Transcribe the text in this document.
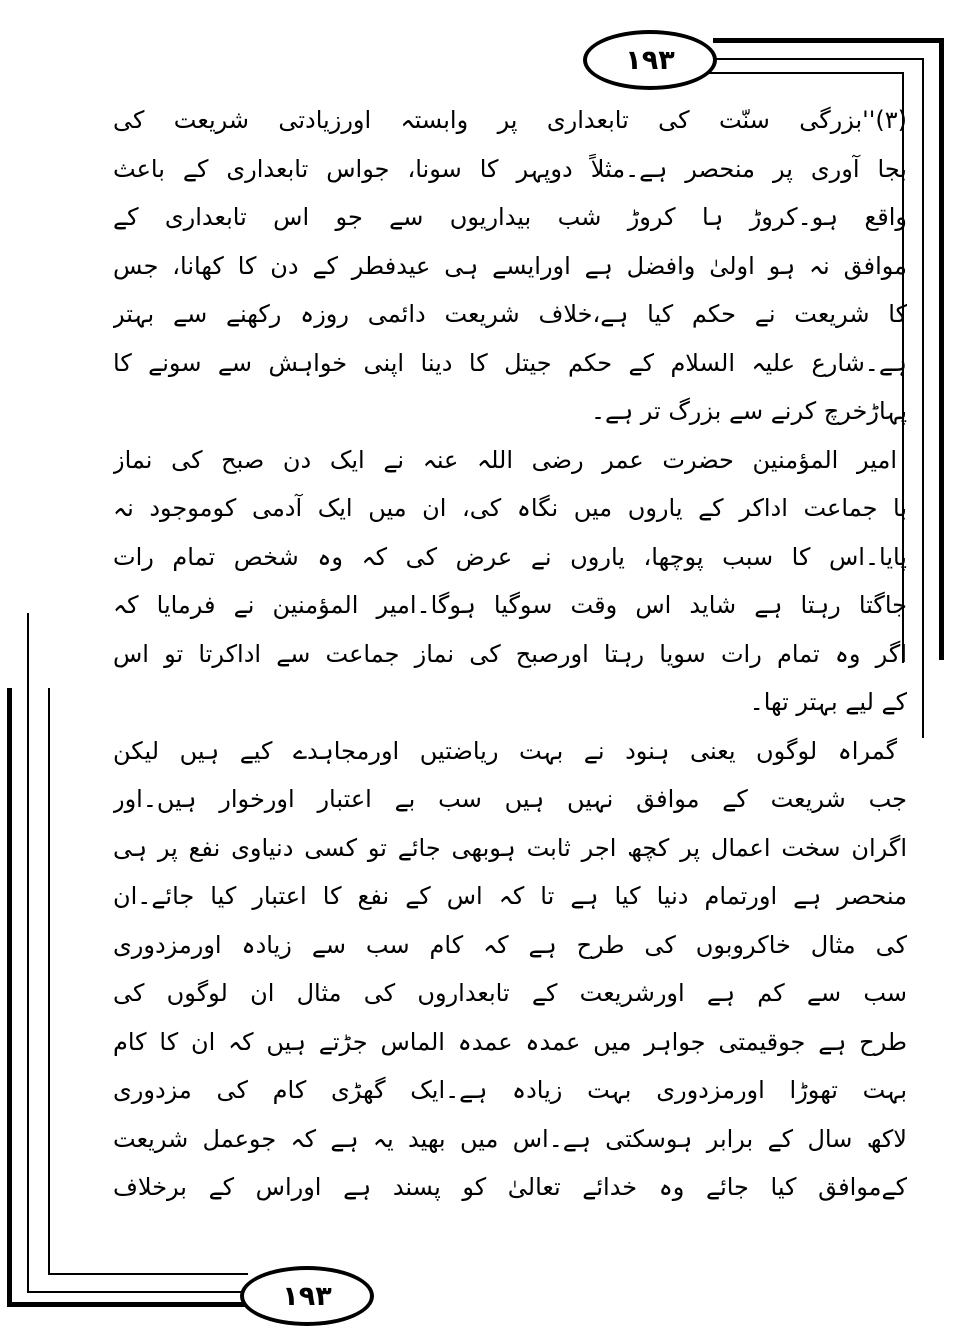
۱۹۳
۱۹۳
(۳)''بزرگی سنّت کی تابعداری پر وابستہ اورزیادتی شریعت کی
بجا آوری پر منحصر ہے۔مثلاً دوپہر کا سونا، جواس تابعداری کے باعث
واقع ہو۔کروڑ ہا کروڑ شب بیداریوں سے جو اس تابعداری کے
موافق نہ ہو اولیٰ وافضل ہے اورایسے ہی عیدفطر کے دن کا کھانا، جس
کا شریعت نے حکم کیا ہے،خلاف شریعت دائمی روزہ رکھنے سے بہتر
ہے۔شارع علیہ السلام کے حکم جیتل کا دینا اپنی خواہش سے سونے کا
پہاڑخرچ کرنے سے بزرگ تر ہے۔
امیر المؤمنین حضرت عمر رضی اللہ عنہ نے ایک دن صبح کی نماز
با جماعت اداکر کے یاروں میں نگاہ کی، ان میں ایک آدمی کوموجود نہ
پایا۔اس کا سبب پوچھا، یاروں نے عرض کی کہ وہ شخص تمام رات
جاگتا رہتا ہے شاید اس وقت سوگیا ہوگا۔امیر المؤمنین نے فرمایا کہ
اگر وہ تمام رات سویا رہتا اورصبح کی نماز جماعت سے اداکرتا تو اس
کے لیے بہتر تھا۔
گمراہ لوگوں یعنی ہنود نے بہت ریاضتیں اورمجاہدے کیے ہیں لیکن
جب شریعت کے موافق نہیں ہیں سب بے اعتبار اورخوار ہیں۔اور
اگران سخت اعمال پر کچھ اجر ثابت ہوبھی جائے تو کسی دنیاوی نفع پر ہی
منحصر ہے اورتمام دنیا کیا ہے تا کہ اس کے نفع کا اعتبار کیا جائے۔ان
کی مثال خاکروبوں کی طرح ہے کہ کام سب سے زیادہ اورمزدوری
سب سے کم ہے اورشریعت کے تابعداروں کی مثال ان لوگوں کی
طرح ہے جوقیمتی جواہر میں عمدہ عمدہ الماس جڑتے ہیں کہ ان کا کام
بہت تھوڑا اورمزدوری بہت زیادہ ہے۔ایک گھڑی کام کی مزدوری
لاکھ سال کے برابر ہوسکتی ہے۔اس میں بھید یہ ہے کہ جوعمل شریعت
کےموافق کیا جائے وہ خدائے تعالیٰ کو پسند ہے اوراس کے برخلاف
